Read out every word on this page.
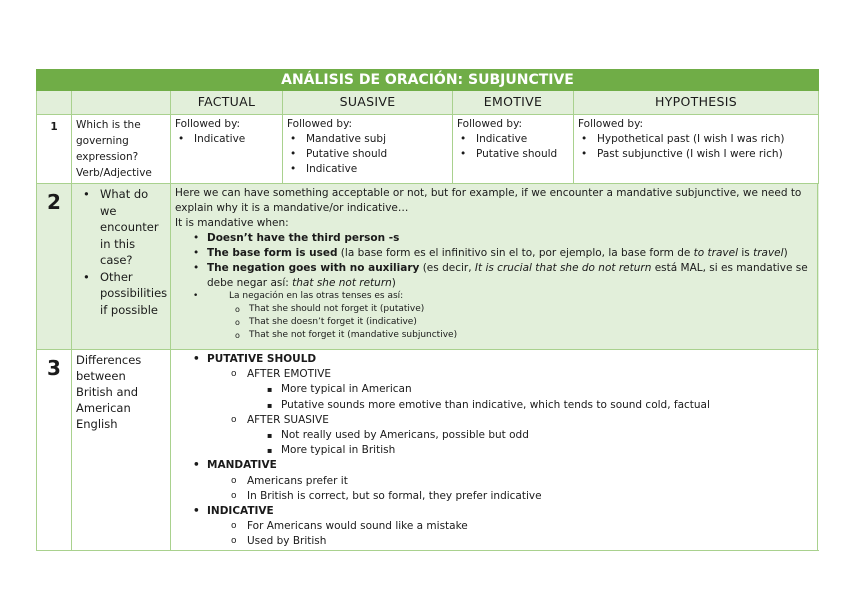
ANÁLISIS DE ORACIÓN: SUBJUNCTIVE
FACTUAL	SUASIVE	EMOTIVE	HYPOTHESIS
1	Which is the governing expression? Verb/Adjective
Followed by:
• Indicative
Followed by:
• Mandative subj
• Putative should
• Indicative
Followed by:
• Indicative
• Putative should
Followed by:
• Hypothetical past (I wish I was rich)
• Past subjunctive (I wish I were rich)
2
•	What do we encounter in this case?
• Other possibilities if possible
Here we can have something acceptable or not, but for example, if we encounter a mandative subjunctive, we need to explain why it is a mandative/or indicative…
It is mandative when:
• Doesn’t have the third person -s
• The base form is used (la base form es el infinitivo sin el to, por ejemplo, la base form de to travel is travel)
• The negation goes with no auxiliary (es decir, It is crucial that she do not return está MAL, si es mandative se
debe negar así: that she not return)
• La negación en las otras tenses es así:
o That she should not forget it (putative)
o That she doesn’t forget it (indicative)
o That she not forget it (mandative subjunctive)
3	Differences between British and American English
• PUTATIVE SHOULD
o AFTER EMOTIVE
▪ More typical in American
▪ Putative sounds more emotive than indicative, which tends to sound cold, factual
o AFTER SUASIVE
▪ Not really used by Americans, possible but odd
▪ More typical in British
• MANDATIVE
o Americans prefer it
o In British is correct, but so formal, they prefer indicative
• INDICATIVE
o For Americans would sound like a mistake
o Used by British
